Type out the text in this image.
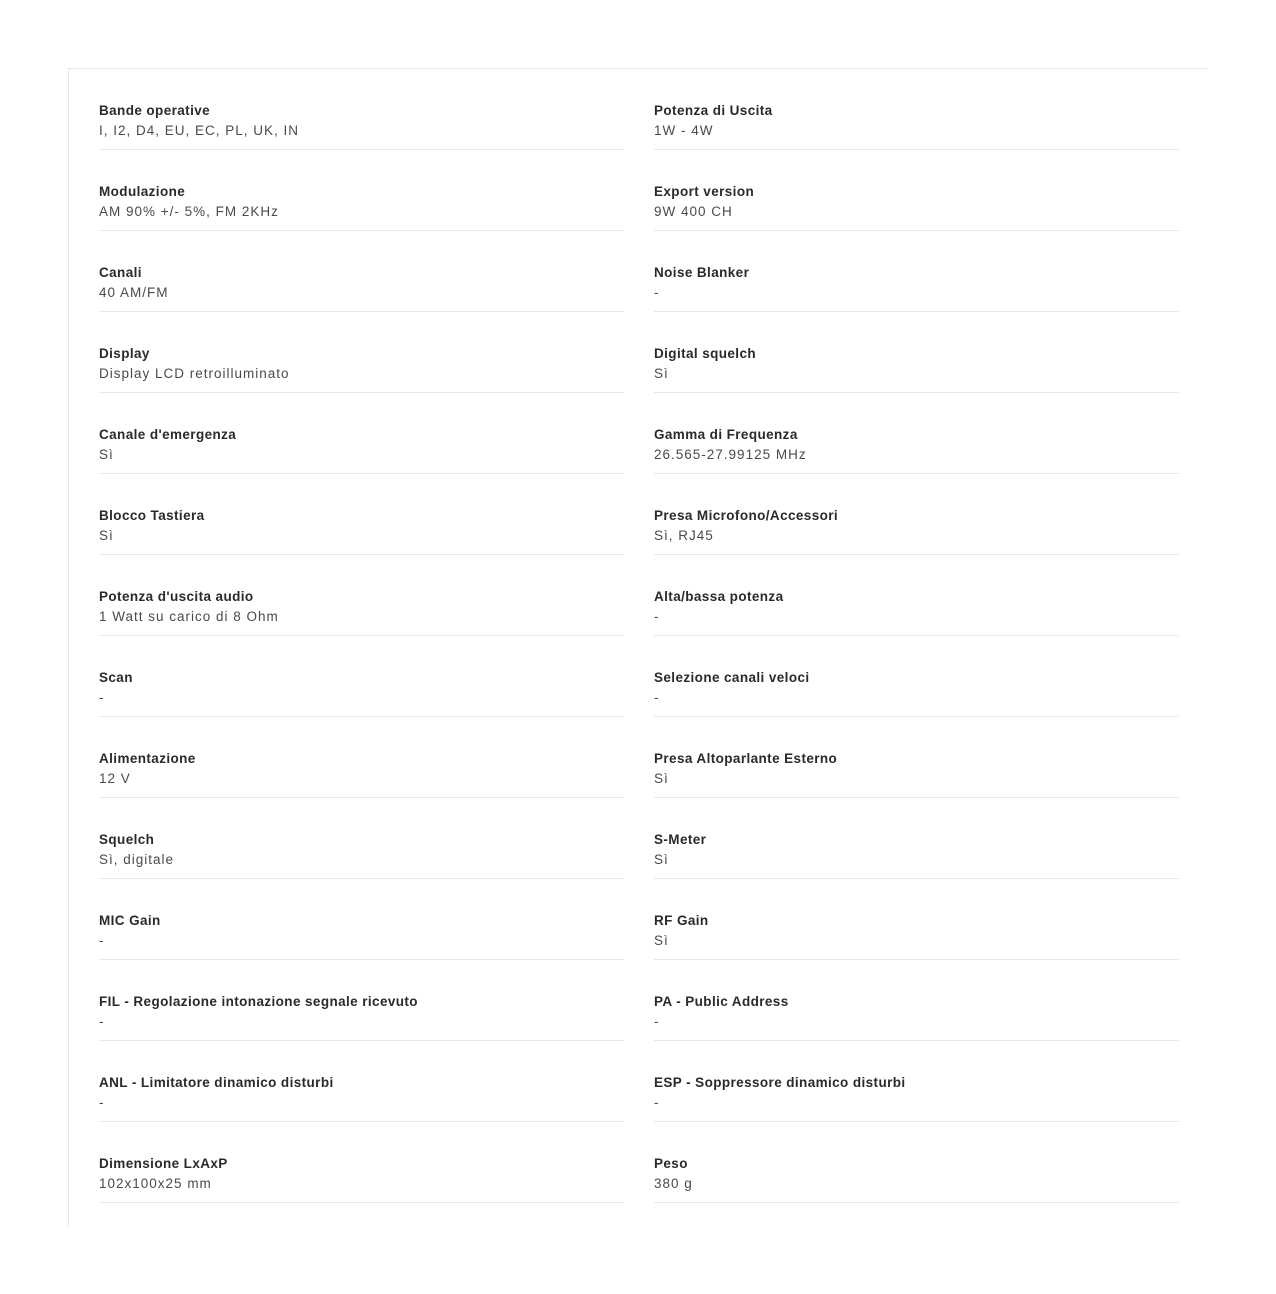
Bande operative
I, I2, D4, EU, EC, PL, UK, IN
Modulazione
AM 90% +/- 5%, FM 2KHz
Canali
40 AM/FM
Display
Display LCD retroilluminato
Canale d'emergenza
Sì
Blocco Tastiera
Sì
Potenza d'uscita audio
1 Watt su carico di 8 Ohm
Scan
-
Alimentazione
12 V
Squelch
Sì, digitale
MIC Gain
-
FIL - Regolazione intonazione segnale ricevuto
-
ANL - Limitatore dinamico disturbi
-
Dimensione LxAxP
102x100x25 mm
Potenza di Uscita
1W - 4W
Export version
9W 400 CH
Noise Blanker
-
Digital squelch
Sì
Gamma di Frequenza
26.565-27.99125 MHz
Presa Microfono/Accessori
Sì, RJ45
Alta/bassa potenza
-
Selezione canali veloci
-
Presa Altoparlante Esterno
Sì
S-Meter
Sì
RF Gain
Sì
PA - Public Address
-
ESP - Soppressore dinamico disturbi
-
Peso
380 g
